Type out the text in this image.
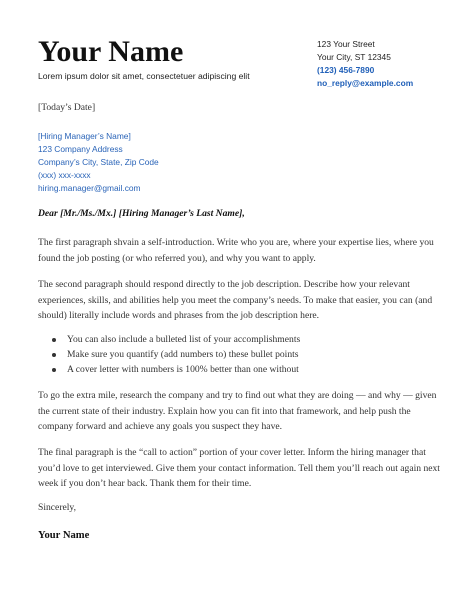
Your Name
Lorem ipsum dolor sit amet, consectetuer adipiscing elit
123 Your Street
Your City, ST 12345
(123) 456-7890
no_reply@example.com
[Today’s Date]
[Hiring Manager’s Name]
123 Company Address
Company’s City, State, Zip Code
(xxx) xxx-xxxx
hiring.manager@gmail.com
Dear [Mr./Ms./Mx.] [Hiring Manager’s Last Name],

The first paragraph shvain a self-introduction. Write who you are, where your expertise lies, where you found the job posting (or who referred you), and why you want to apply.

The second paragraph should respond directly to the job description. Describe how your relevant experiences, skills, and abilities help you meet the company’s needs. To make that easier, you can (and should) literally include words and phrases from the job description here.

You can also include a bulleted list of your accomplishments
Make sure you quantify (add numbers to) these bullet points
A cover letter with numbers is 100% better than one without

To go the extra mile, research the company and try to find out what they are doing — and why — given the current state of their industry. Explain how you can fit into that framework, and help push the company forward and achieve any goals you suspect they have.

The final paragraph is the “call to action” portion of your cover letter. Inform the hiring manager that you’d love to get interviewed. Give them your contact information. Tell them you’ll reach out again next week if you don’t hear back. Thank them for their time.

Sincerely,
Your Name
